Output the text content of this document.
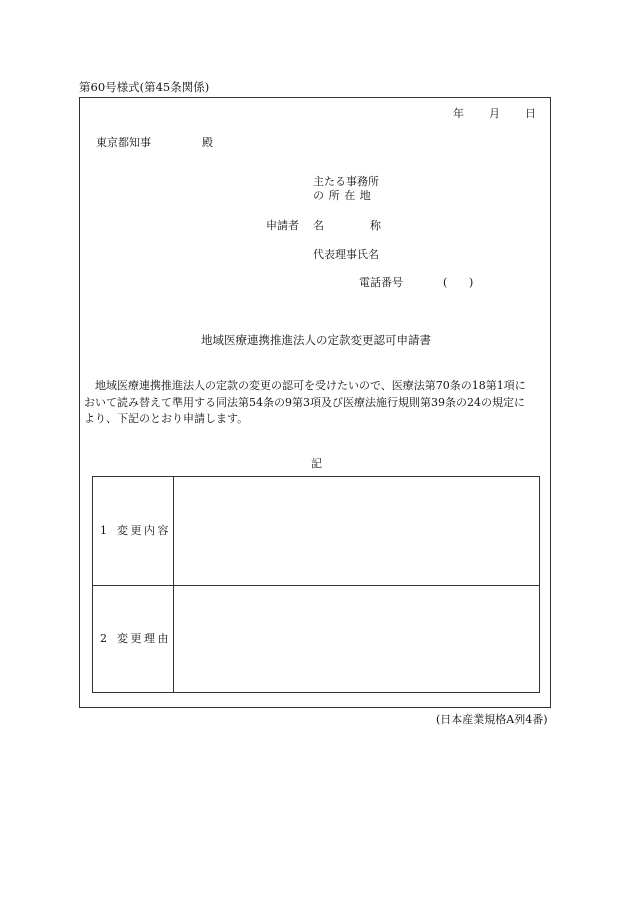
第60号様式(第45条関係)
年 月 日
東京都知事	殿
主たる事務所
の所在地
申請者 名	称
代表理事氏名
電話番号	( )
地域医療連携推進法人の定款変更認可申請書

地域医療連携推進法人の定款の変更の認可を受けたいので、医療法第70条の18第1項に
おいて読み替えて準用する同法第54条の9第3項及び医療法施行規則第39条の24の規定に
より、下記のとおり申請します。

記
1 変更内容
2 変更理由
(日本産業規格A列4番)
